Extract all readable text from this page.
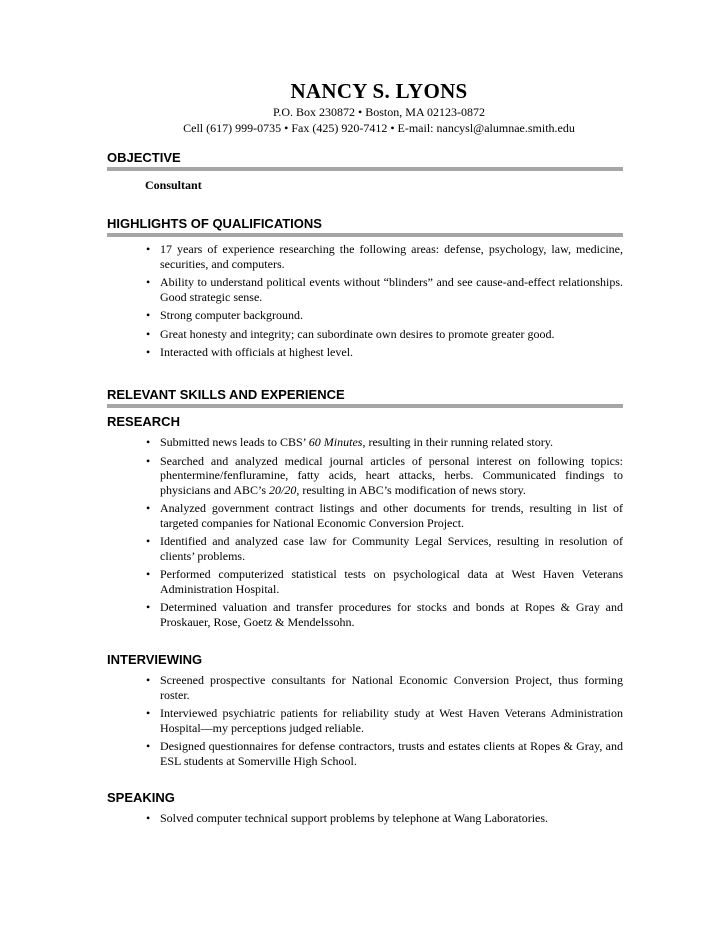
NANCY S. LYONS
P.O. Box 230872 • Boston, MA 02123-0872
Cell (617) 999-0735 • Fax (425) 920-7412 • E-mail: nancysl@alumnae.smith.edu
OBJECTIVE
Consultant
HIGHLIGHTS OF QUALIFICATIONS
• 17 years of experience researching the following areas: defense, psychology, law, medicine, securities, and computers.
• Ability to understand political events without “blinders” and see cause-and-effect relationships. Good strategic sense.
• Strong computer background.
• Great honesty and integrity; can subordinate own desires to promote greater good.
• Interacted with officials at highest level.
RELEVANT SKILLS AND EXPERIENCE
RESEARCH
• Submitted news leads to CBS’ 60 Minutes, resulting in their running related story.
• Searched and analyzed medical journal articles of personal interest on following topics: phentermine/fenfluramine, fatty acids, heart attacks, herbs. Communicated findings to physicians and ABC’s 20/20, resulting in ABC’s modification of news story.
• Analyzed government contract listings and other documents for trends, resulting in list of targeted companies for National Economic Conversion Project.
• Identified and analyzed case law for Community Legal Services, resulting in resolution of clients’ problems.
• Performed computerized statistical tests on psychological data at West Haven Veterans Administration Hospital.
• Determined valuation and transfer procedures for stocks and bonds at Ropes & Gray and Proskauer, Rose, Goetz & Mendelssohn.
INTERVIEWING
• Screened prospective consultants for National Economic Conversion Project, thus forming roster.
• Interviewed psychiatric patients for reliability study at West Haven Veterans Administration Hospital—my perceptions judged reliable.
• Designed questionnaires for defense contractors, trusts and estates clients at Ropes & Gray, and ESL students at Somerville High School.
SPEAKING
• Solved computer technical support problems by telephone at Wang Laboratories.
